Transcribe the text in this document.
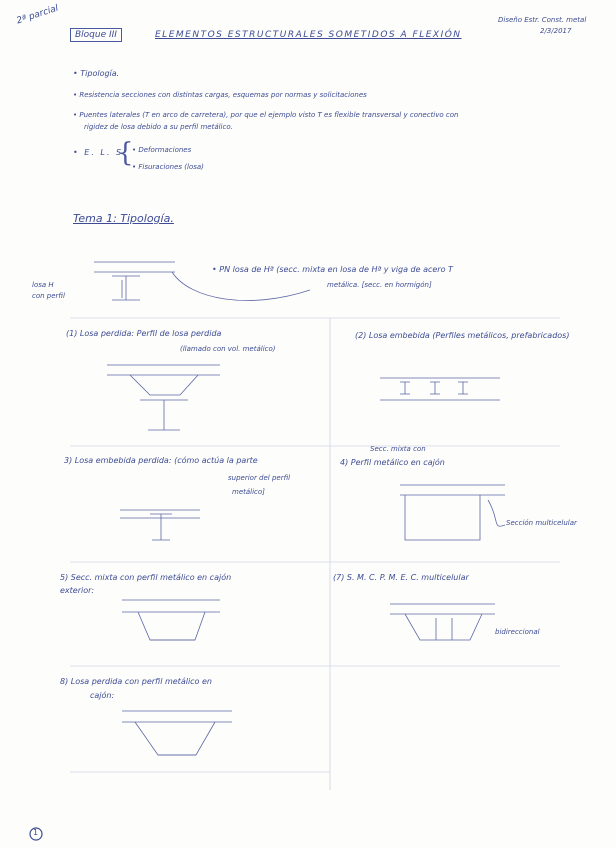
2ª parcial
Bloque III	ELEMENTOS ESTRUCTURALES SOMETIDOS A FLEXIÓN
Diseño Estr. Const. metal
2/3/2017
• Tipología.
• Resistencia secciones con distintas cargas, esquemas por normas y solicitaciones
• Puentes laterales (T en arco de carretera), por que el ejemplo visto T es flexible transversal y conectivo con
rigidez de losa debido a su perfil metálico.
• E. L. S.
{
• Deformaciones
• Fisuraciones (losa)
Tema 1: Tipología.
losa H
con perfil
• PN losa de Hª (secc. mixta en losa de Hª y viga de acero T
metálica. [secc. en hormigón]
(1) Losa perdida: Perfil de losa perdida
(llamado con vol. metálico)
(2) Losa embebida (Perfiles metálicos, prefabricados)
3) Losa embebida perdida: (cómo actúa la parte
superior del perfil
metálico]
Secc. mixta con
4) Perfil metálico en cajón
Sección multicelular
5) Secc. mixta con perfil metálico en cajón
exterior:
(7) S. M. C. P. M. E. C. multicelular
bidireccional
8) Losa perdida con perfil metálico en
cajón:
1
